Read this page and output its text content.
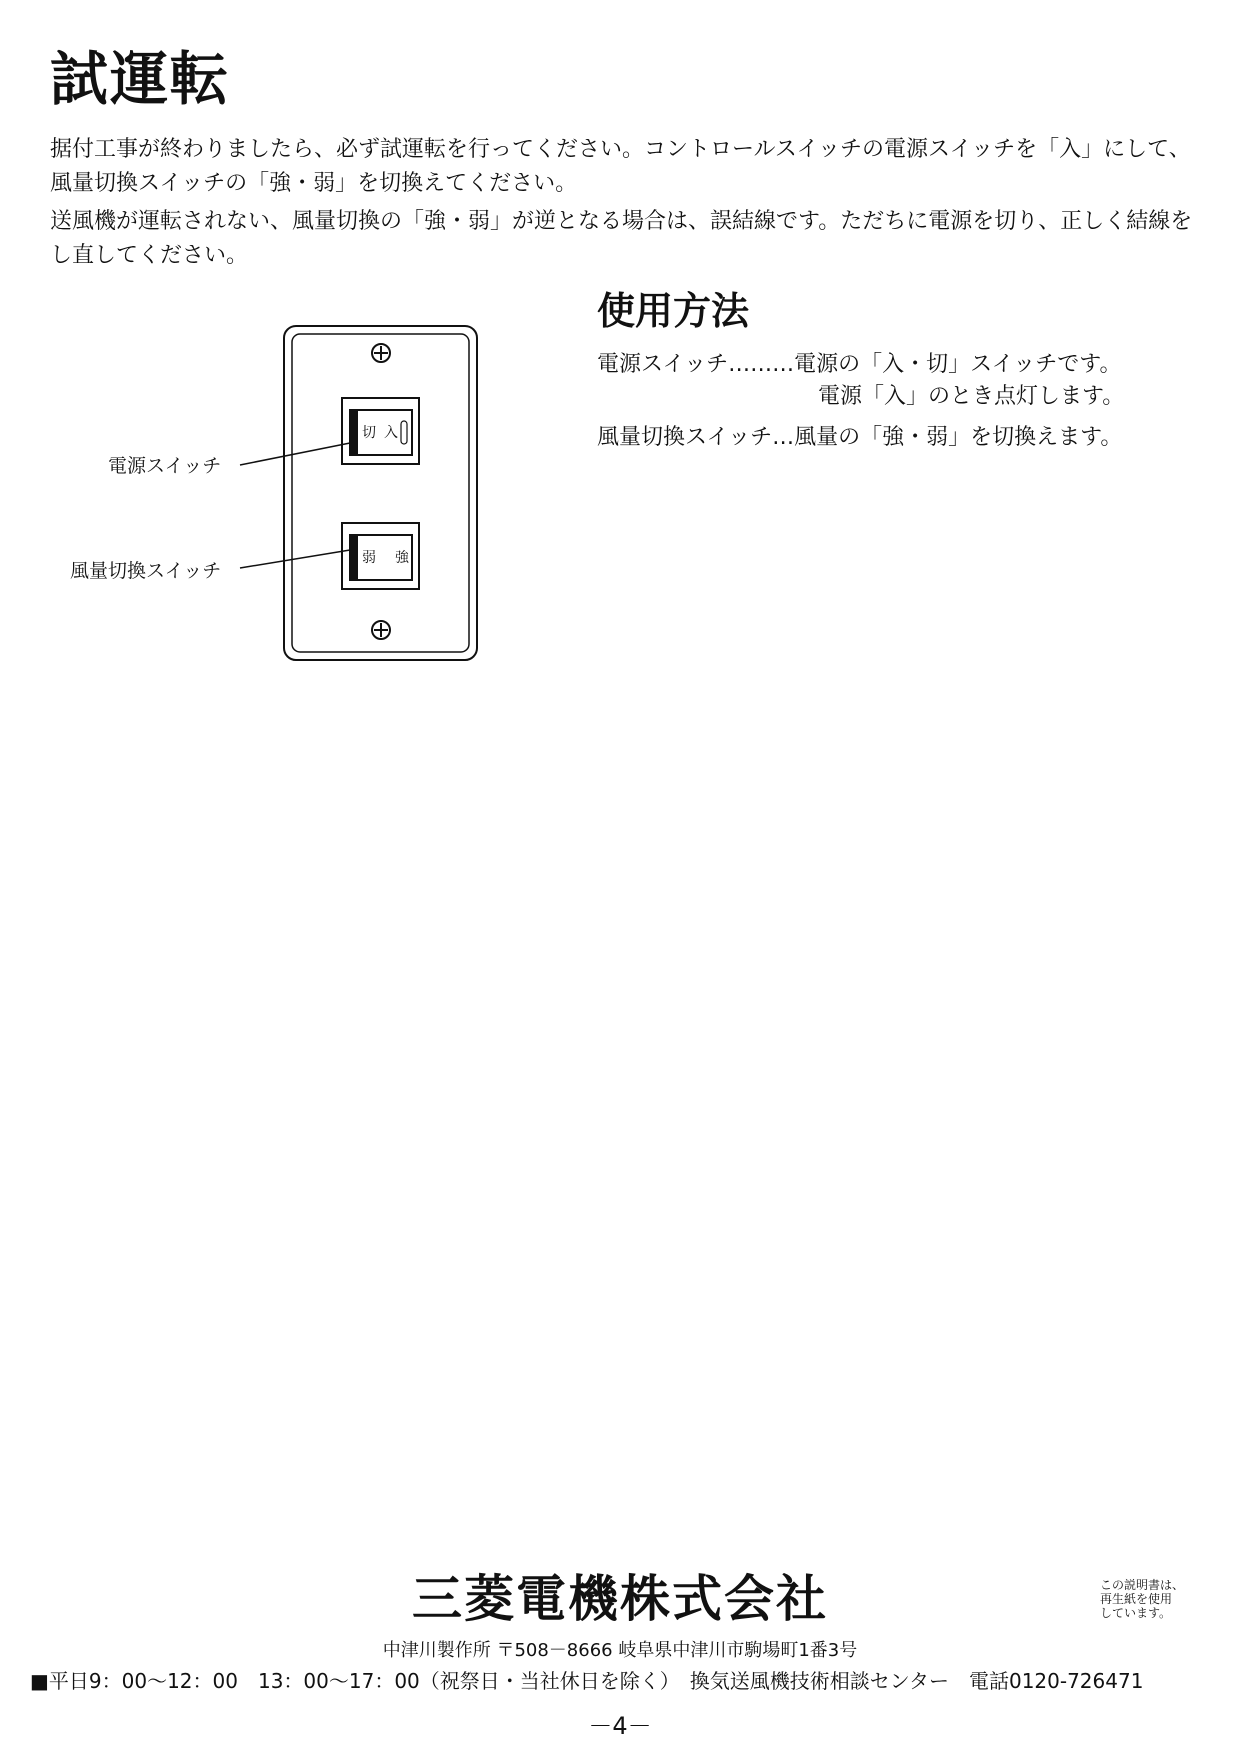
試運転
据付工事が終わりましたら、必ず試運転を行ってください。コントロールスイッチの電源スイッチを「入」にして、風量切換スイッチの「強・弱」を切換えてください。
送風機が運転されない、風量切換の「強・弱」が逆となる場合は、誤結線です。ただちに電源を切り、正しく結線をし直してください。
切 入
弱 強
電源スイッチ
風量切換スイッチ
使用方法
電源スイッチ………電源の「入・切」スイッチです。
電源「入」のとき点灯します。
風量切換スイッチ…風量の「強・弱」を切換えます。
三菱電機株式会社	この説明書は、
再生紙を使用
しています。
中津川製作所 〒508－8666 岐阜県中津川市駒場町1番3号
■平日9：00～12：00　13：00～17：00（祝祭日・当社休日を除く）　換気送風機技術相談センター　電話0120-726471
－4－
